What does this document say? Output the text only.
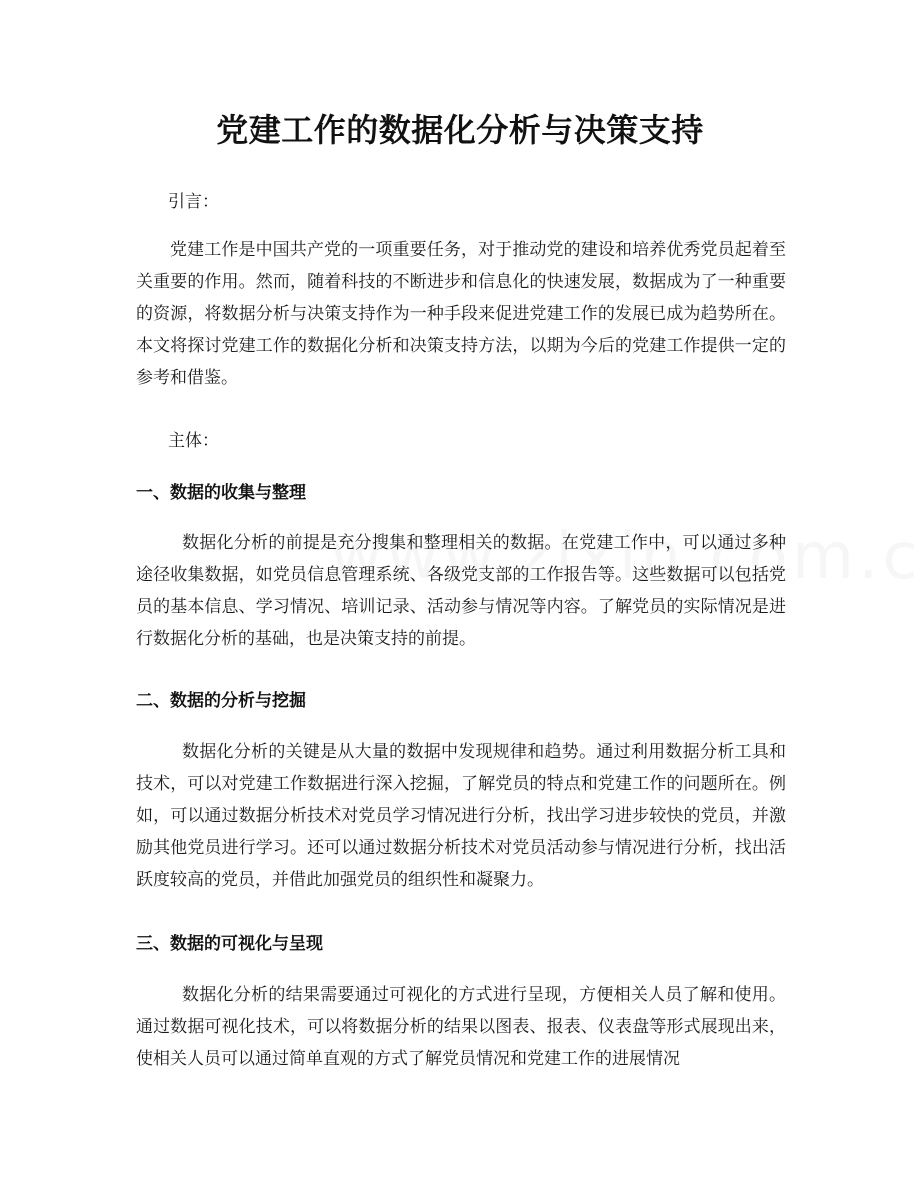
党建工作的数据化分析与决策支持
引言：

党建工作是中国共产党的一项重要任务，对于推动党的建设和培养优秀党员起着至关重要的作用。然而，随着科技的不断进步和信息化的快速发展，数据成为了一种重要的资源，将数据分析与决策支持作为一种手段来促进党建工作的发展已成为趋势所在。本文将探讨党建工作的数据化分析和决策支持方法，以期为今后的党建工作提供一定的参考和借鉴。

主体：
一、数据的收集与整理

数据化分析的前提是充分搜集和整理相关的数据。在党建工作中，可以通过多种途径收集数据，如党员信息管理系统、各级党支部的工作报告等。这些数据可以包括党员的基本信息、学习情况、培训记录、活动参与情况等内容。了解党员的实际情况是进行数据化分析的基础，也是决策支持的前提。

二、数据的分析与挖掘

数据化分析的关键是从大量的数据中发现规律和趋势。通过利用数据分析工具和技术，可以对党建工作数据进行深入挖掘，了解党员的特点和党建工作的问题所在。例如，可以通过数据分析技术对党员学习情况进行分析，找出学习进步较快的党员，并激励其他党员进行学习。还可以通过数据分析技术对党员活动参与情况进行分析，找出活跃度较高的党员，并借此加强党员的组织性和凝聚力。

三、数据的可视化与呈现

数据化分析的结果需要通过可视化的方式进行呈现，方便相关人员了解和使用。通过数据可视化技术，可以将数据分析的结果以图表、报表、仪表盘等形式展现出来，使相关人员可以通过简单直观的方式了解党员情况和党建工作的进展情况
